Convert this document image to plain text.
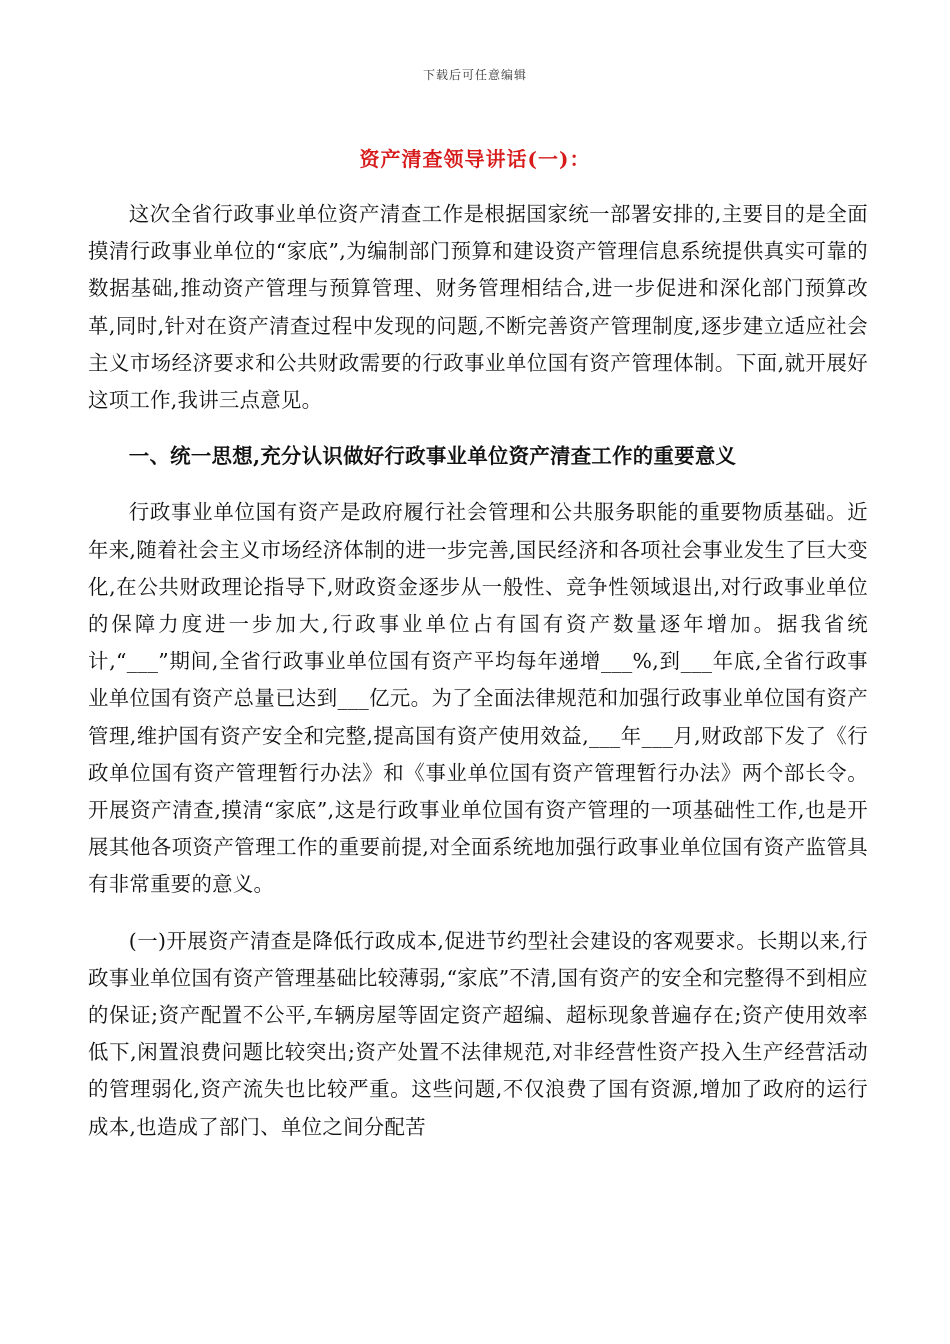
下载后可任意编辑
资产清查领导讲话(一)：

这次全省行政事业单位资产清查工作是根据国家统一部署安排的,主要目的是全面摸清行政事业单位的“家底”,为编制部门预算和建设资产管理信息系统提供真实可靠的数据基础,推动资产管理与预算管理、财务管理相结合,进一步促进和深化部门预算改革,同时,针对在资产清查过程中发现的问题,不断完善资产管理制度,逐步建立适应社会主义市场经济要求和公共财政需要的行政事业单位国有资产管理体制。下面,就开展好这项工作,我讲三点意见。

一、统一思想,充分认识做好行政事业单位资产清查工作的重要意义

行政事业单位国有资产是政府履行社会管理和公共服务职能的重要物质基础。近年来,随着社会主义市场经济体制的进一步完善,国民经济和各项社会事业发生了巨大变化,在公共财政理论指导下,财政资金逐步从一般性、竞争性领域退出,对行政事业单位的保障力度进一步加大,行政事业单位占有国有资产数量逐年增加。据我省统计,“___”期间,全省行政事业单位国有资产平均每年递增___%,到___年底,全省行政事业单位国有资产总量已达到___亿元。为了全面法律规范和加强行政事业单位国有资产管理,维护国有资产安全和完整,提高国有资产使用效益,___年___月,财政部下发了《行政单位国有资产管理暂行办法》和《事业单位国有资产管理暂行办法》两个部长令。开展资产清查,摸清“家底”,这是行政事业单位国有资产管理的一项基础性工作,也是开展其他各项资产管理工作的重要前提,对全面系统地加强行政事业单位国有资产监管具有非常重要的意义。

(一)开展资产清查是降低行政成本,促进节约型社会建设的客观要求。长期以来,行政事业单位国有资产管理基础比较薄弱,“家底”不清,国有资产的安全和完整得不到相应的保证;资产配置不公平,车辆房屋等固定资产超编、超标现象普遍存在;资产使用效率低下,闲置浪费问题比较突出;资产处置不法律规范,对非经营性资产投入生产经营活动的管理弱化,资产流失也比较严重。这些问题,不仅浪费了国有资源,增加了政府的运行成本,也造成了部门、单位之间分配苦
